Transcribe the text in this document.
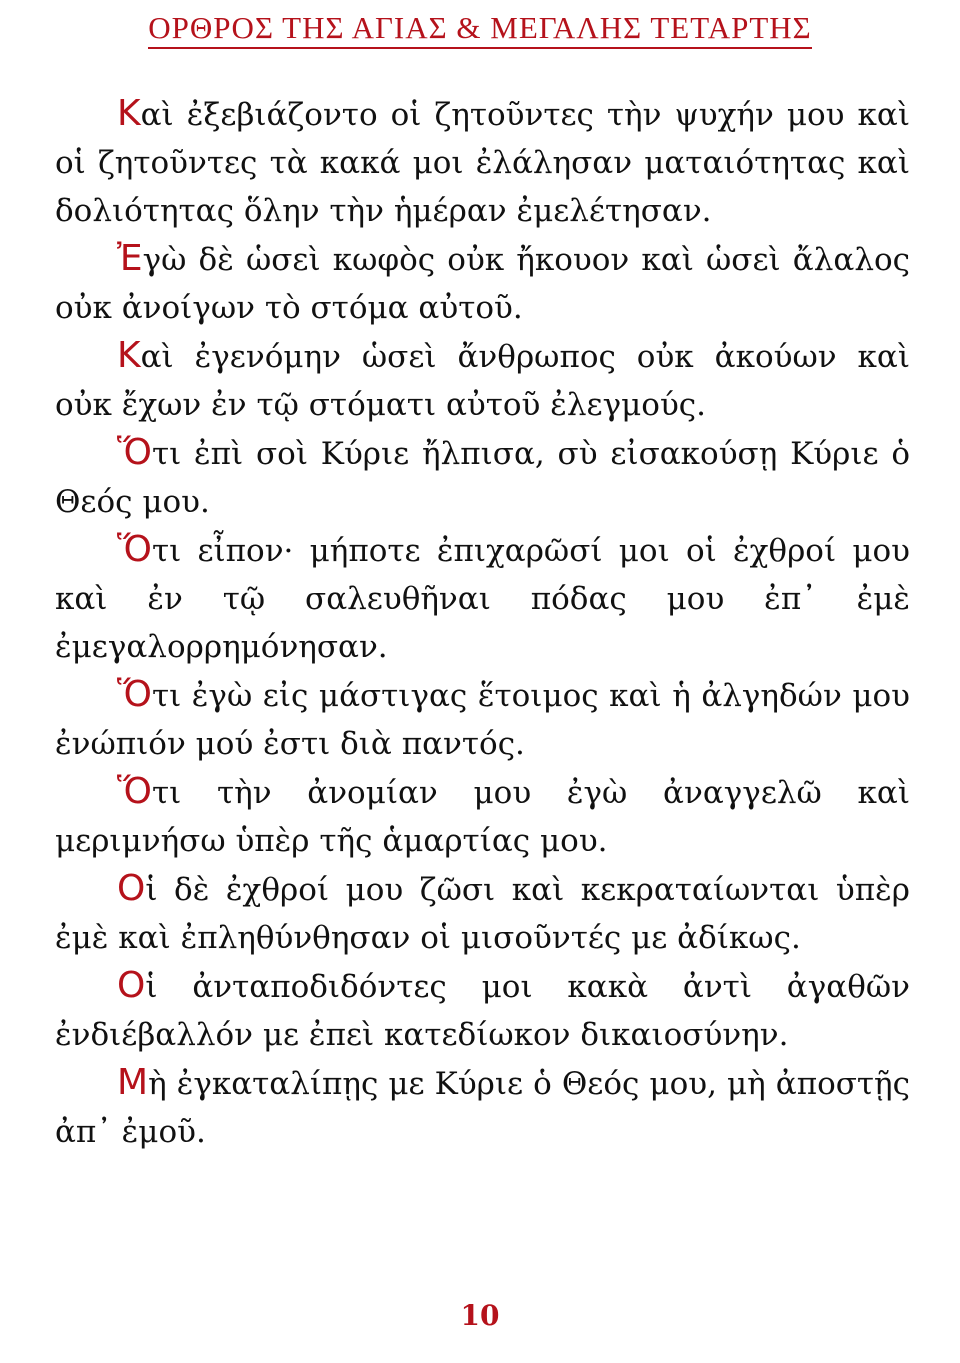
ΟΡΘΡΟΣ ΤΗΣ ΑΓΙΑΣ & ΜΕΓΑΛΗΣ ΤΕΤΑΡΤΗΣ

Καὶ ἐξεβιάζοντο οἱ ζητοῦντες τὴν ψυχήν μου καὶ οἱ ζητοῦντες τὰ κακά μοι ἐλάλησαν ματαιότητας καὶ δολιότητας ὅλην τὴν ἡμέραν ἐμελέτησαν.

Ἐγὼ δὲ ὡσεὶ κωφὸς οὐκ ἤκουον καὶ ὡσεὶ ἄλαλος οὐκ ἀνοίγων τὸ στόμα αὐτοῦ.

Καὶ ἐγενόμην ὡσεὶ ἄνθρωπος οὐκ ἀκούων καὶ οὐκ ἔχων ἐν τῷ στόματι αὐτοῦ ἐλεγμούς.

Ὅτι ἐπὶ σοὶ Κύριε ἤλπισα, σὺ εἰσακούσῃ Κύριε ὁ Θεός μου.

Ὅτι εἶπον· μήποτε ἐπιχαρῶσί μοι οἱ ἐχθροί μου καὶ ἐν τῷ σαλευθῆναι πόδας μου ἐπ᾽ ἐμὲ ἐμεγαλορρημόνησαν.

Ὅτι ἐγὼ εἰς μάστιγας ἕτοιμος καὶ ἡ ἀλγηδών μου ἐνώπιόν μού ἐστι διὰ παντός.

Ὅτι τὴν ἀνομίαν μου ἐγὼ ἀναγγελῶ καὶ μεριμνήσω ὑπὲρ τῆς ἁμαρτίας μου.

Οἱ δὲ ἐχθροί μου ζῶσι καὶ κεκραταίωνται ὑπὲρ ἐμὲ καὶ ἐπληθύνθησαν οἱ μισοῦντές με ἀδίκως.

Οἱ ἀνταποδιδόντες μοι κακὰ ἀντὶ ἀγαθῶν ἐνδιέβαλλόν με ἐπεὶ κατεδίωκον δικαιοσύνην.

Μὴ ἐγκαταλίπῃς με Κύριε ὁ Θεός μου, μὴ ἀποστῇς ἀπ᾽ ἐμοῦ.

10
